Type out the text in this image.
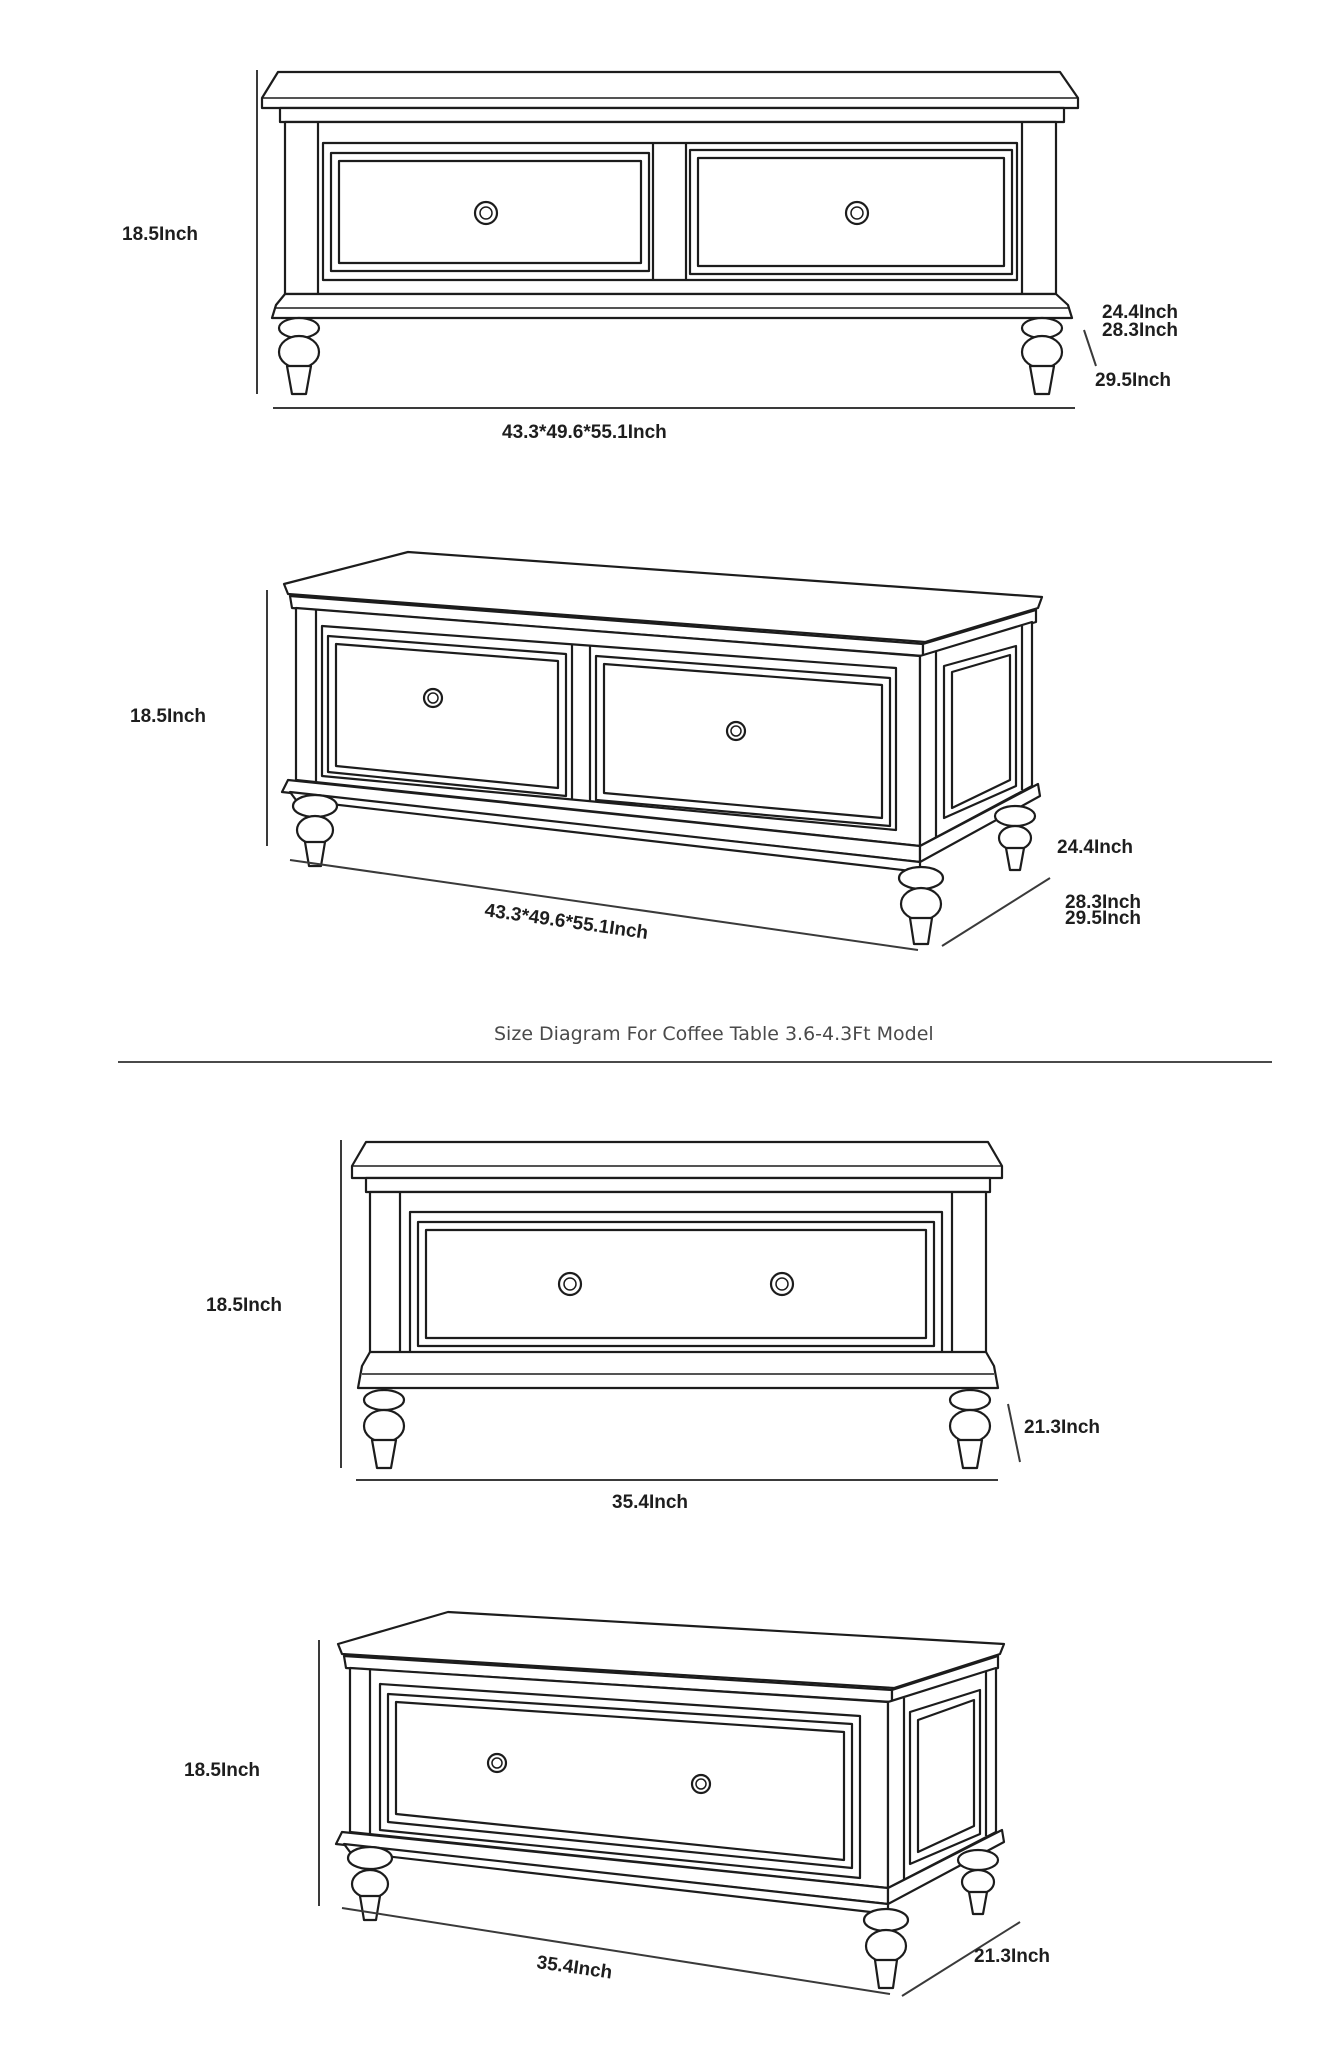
18.5Inch
43.3*49.6*55.1Inch
24.4Inch
28.3Inch
29.5Inch
18.5Inch
43.3*49.6*55.1Inch
24.4Inch
28.3Inch
29.5Inch
Size Diagram For Coffee Table 3.6-4.3Ft Model
18.5Inch
35.4Inch
21.3Inch
18.5Inch
35.4Inch	21.3Inch
